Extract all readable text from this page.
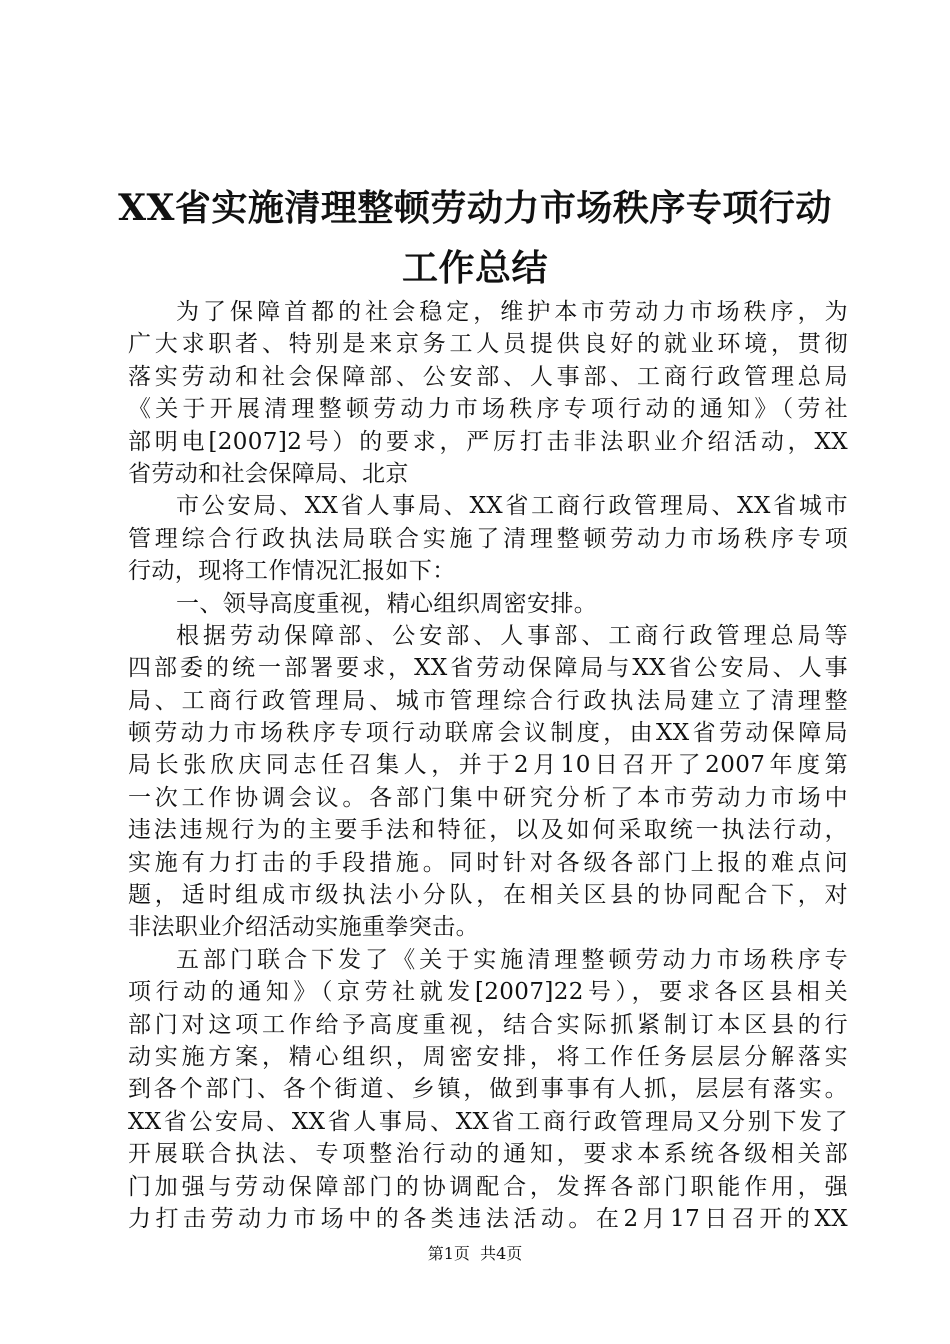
XX省实施清理整顿劳动力市场秩序专项行动
工作总结
为了保障首都的社会稳定，维护本市劳动力市场秩序，为
广大求职者、特别是来京务工人员提供良好的就业环境，贯彻
落实劳动和社会保障部、公安部、人事部、工商行政管理总局
《关于开展清理整顿劳动力市场秩序专项行动的通知》（劳社
部明电[2007]2号）的要求，严厉打击非法职业介绍活动，XX
省劳动和社会保障局、北京
市公安局、XX省人事局、XX省工商行政管理局、XX省城市
管理综合行政执法局联合实施了清理整顿劳动力市场秩序专项
行动，现将工作情况汇报如下：
一、领导高度重视，精心组织周密安排。
根据劳动保障部、公安部、人事部、工商行政管理总局等
四部委的统一部署要求，XX省劳动保障局与XX省公安局、人事
局、工商行政管理局、城市管理综合行政执法局建立了清理整
顿劳动力市场秩序专项行动联席会议制度，由XX省劳动保障局
局长张欣庆同志任召集人，并于2月10日召开了2007年度第
一次工作协调会议。各部门集中研究分析了本市劳动力市场中
违法违规行为的主要手法和特征，以及如何采取统一执法行动，
实施有力打击的手段措施。同时针对各级各部门上报的难点问
题，适时组成市级执法小分队，在相关区县的协同配合下，对
非法职业介绍活动实施重拳突击。
五部门联合下发了《关于实施清理整顿劳动力市场秩序专
项行动的通知》（京劳社就发[2007]22号），要求各区县相关
部门对这项工作给予高度重视，结合实际抓紧制订本区县的行
动实施方案，精心组织，周密安排，将工作任务层层分解落实
到各个部门、各个街道、乡镇，做到事事有人抓，层层有落实。
XX省公安局、XX省人事局、XX省工商行政管理局又分别下发了
开展联合执法、专项整治行动的通知，要求本系统各级相关部
门加强与劳动保障部门的协调配合，发挥各部门职能作用，强
力打击劳动力市场中的各类违法活动。在2月17日召开的XX
第1页  共4页
